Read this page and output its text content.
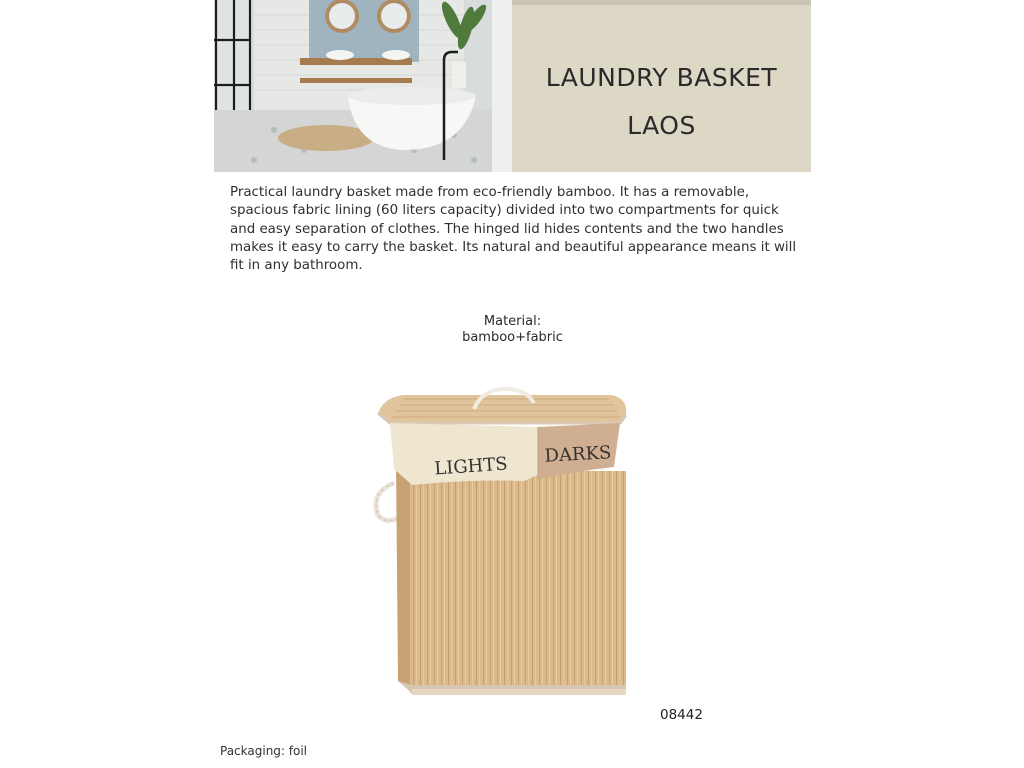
LAUNDRY BASKET
LAOS
Practical laundry basket made from eco-friendly bamboo. It has a removable, spacious fabric lining (60 liters capacity) divided into two compartments for quick and easy separation of clothes. The hinged lid hides contents and the two handles makes it easy to carry the basket. Its natural and beautiful appearance means it will fit in any bathroom.
Material:
bamboo+fabric
LIGHTS DARKS
08442
Packaging: foil
